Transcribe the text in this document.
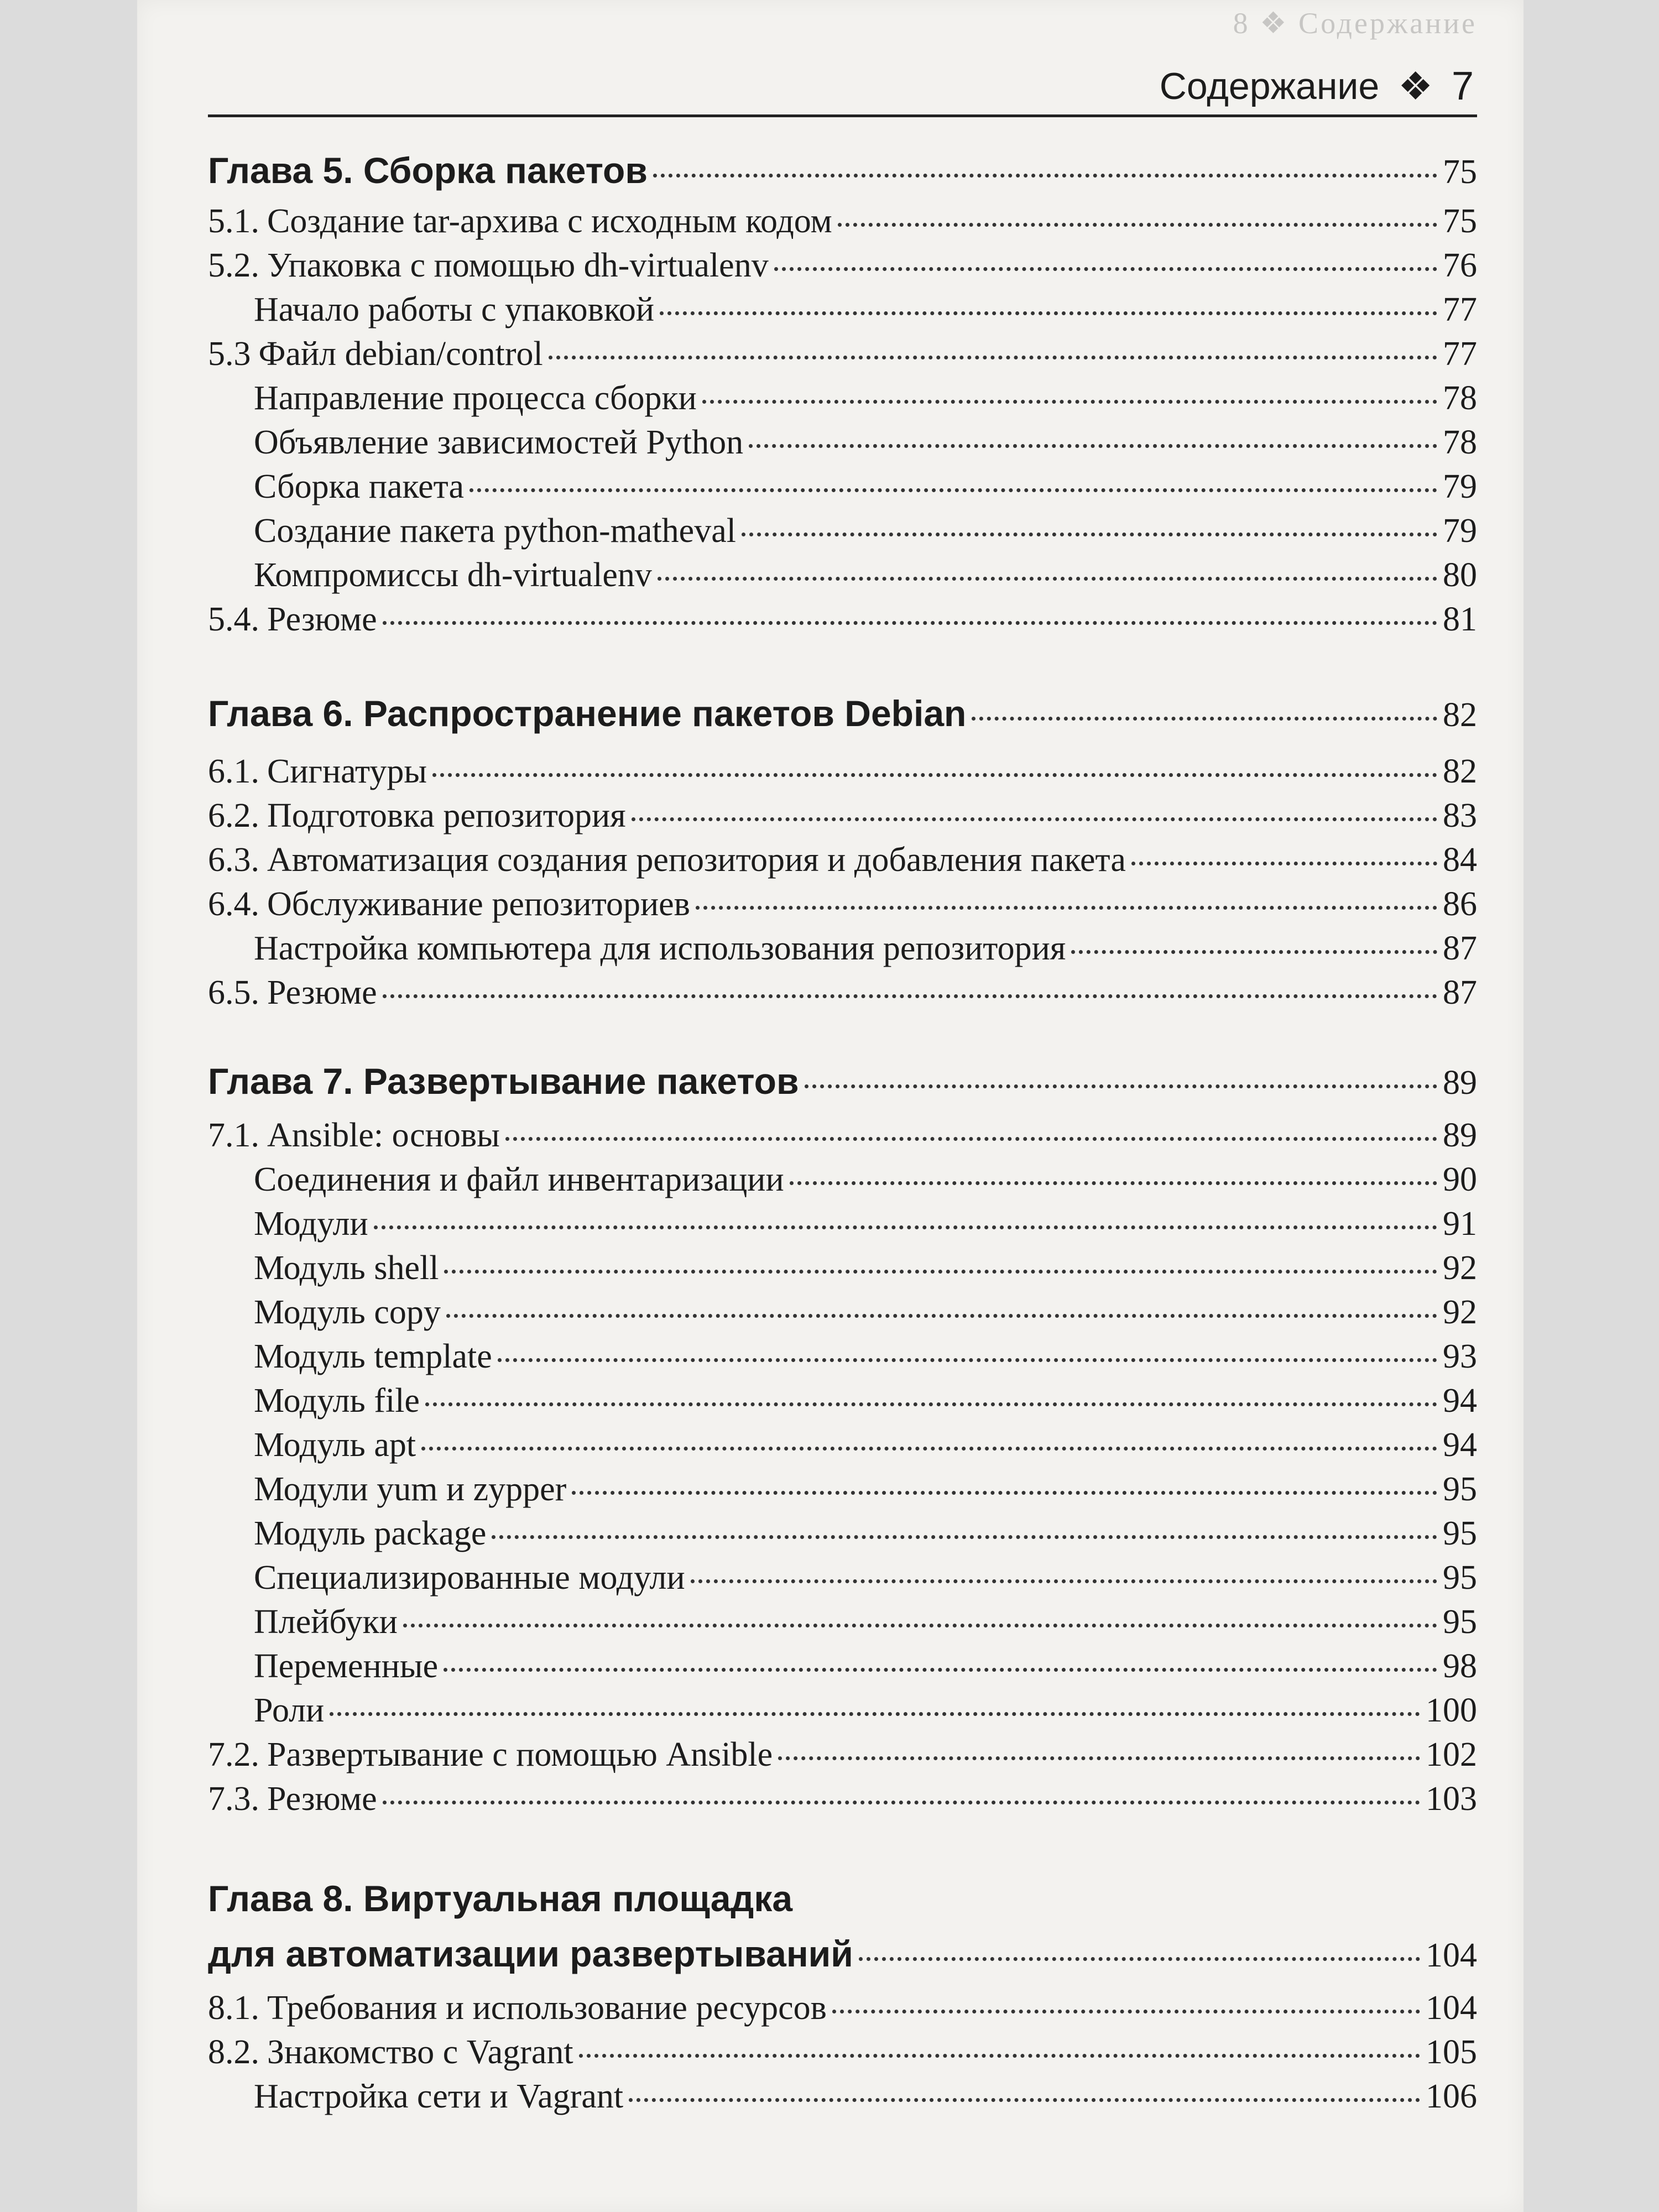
8 ❖ Содержание
Содержание ❖ 7
Глава 5. Сборка пакетов	75
5.1. Создание tar-архива с исходным кодом	75
5.2. Упаковка с помощью dh-virtualenv	76
Начало работы с упаковкой	77
5.3 Файл debian/control	77
Направление процесса сборки	78
Объявление зависимостей Python	78
Сборка пакета	79
Создание пакета python-matheval	79
Компромиссы dh-virtualenv	80
5.4. Резюме	81
Глава 6. Распространение пакетов Debian	82
6.1. Сигнатуры	82
6.2. Подготовка репозитория	83
6.3. Автоматизация создания репозитория и добавления пакета	84
6.4. Обслуживание репозиториев	86
Настройка компьютера для использования репозитория	87
6.5. Резюме	87
Глава 7. Развертывание пакетов	89
7.1. Ansible: основы	89
Соединения и файл инвентаризации	90
Модули	91
Модуль shell	92
Модуль copy	92
Модуль template	93
Модуль file	94
Модуль apt	94
Модули yum и zypper	95
Модуль package	95
Специализированные модули	95
Плейбуки	95
Переменные	98
Роли	100
7.2. Развертывание с помощью Ansible	102
7.3. Резюме	103
Глава 8. Виртуальная площадка
для автоматизации развертываний	104
8.1. Требования и использование ресурсов	104
8.2. Знакомство с Vagrant	105
Настройка сети и Vagrant	106
